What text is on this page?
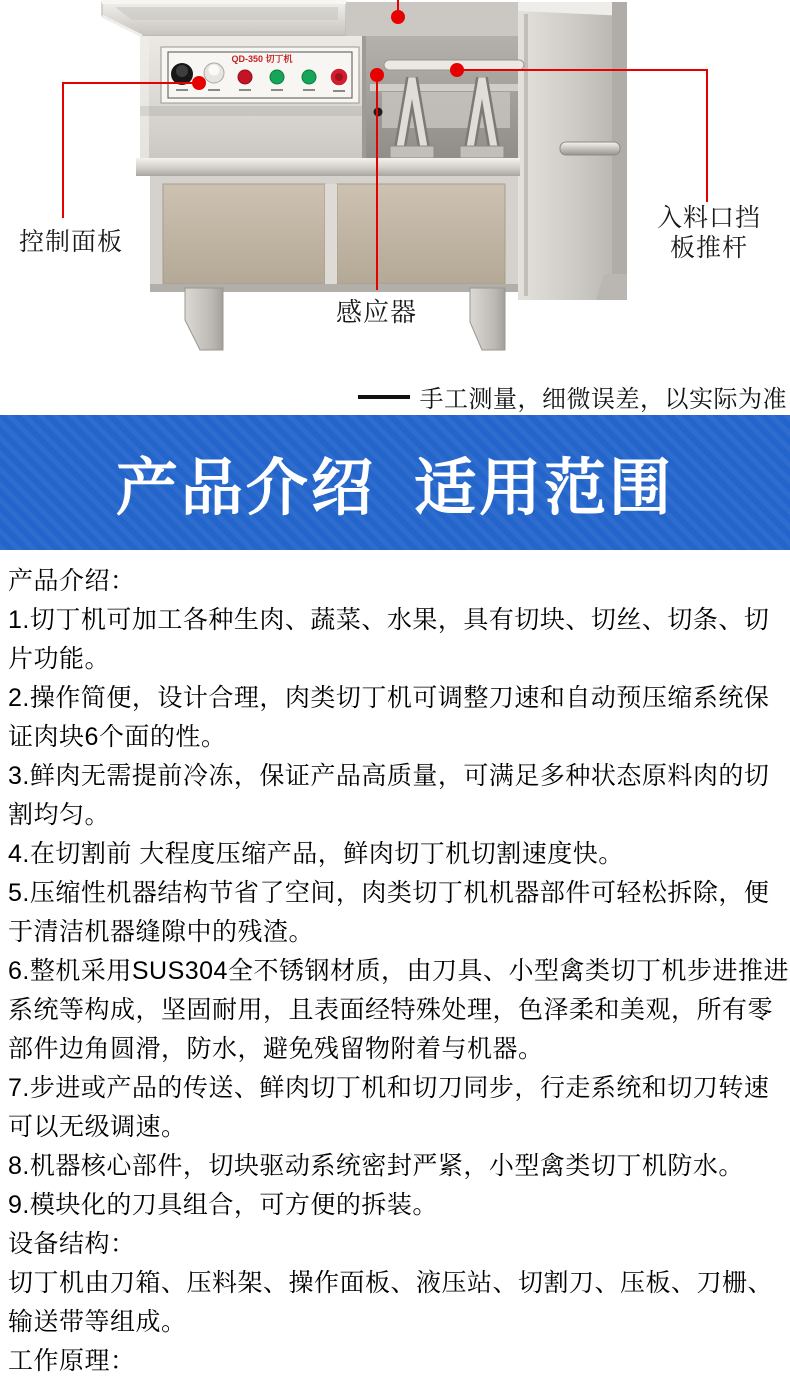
QD-350 切丁机
控制面板
感应器
入料口挡
板推杆
手工测量，细微误差，以实际为准
产品介绍 适用范围
产品介绍：
1.切丁机可加工各种生肉、蔬菜、水果，具有切块、切丝、切条、切
片功能。
2.操作简便，设计合理，肉类切丁机可调整刀速和自动预压缩系统保
证肉块6个面的性。
3.鲜肉无需提前冷冻，保证产品高质量，可满足多种状态原料肉的切
割均匀。
4.在切割前 大程度压缩产品，鲜肉切丁机切割速度快。
5.压缩性机器结构节省了空间，肉类切丁机机器部件可轻松拆除，便
于清洁机器缝隙中的残渣。
6.整机采用SUS304全不锈钢材质，由刀具、小型禽类切丁机步进推进
系统等构成，坚固耐用，且表面经特殊处理，色泽柔和美观，所有零
部件边角圆滑，防水，避免残留物附着与机器。
7.步进或产品的传送、鲜肉切丁机和切刀同步，行走系统和切刀转速
可以无级调速。
8.机器核心部件，切块驱动系统密封严紧，小型禽类切丁机防水。
9.模块化的刀具组合，可方便的拆装。
设备结构：
切丁机由刀箱、压料架、操作面板、液压站、切割刀、压板、刀栅、
输送带等组成。
工作原理：
